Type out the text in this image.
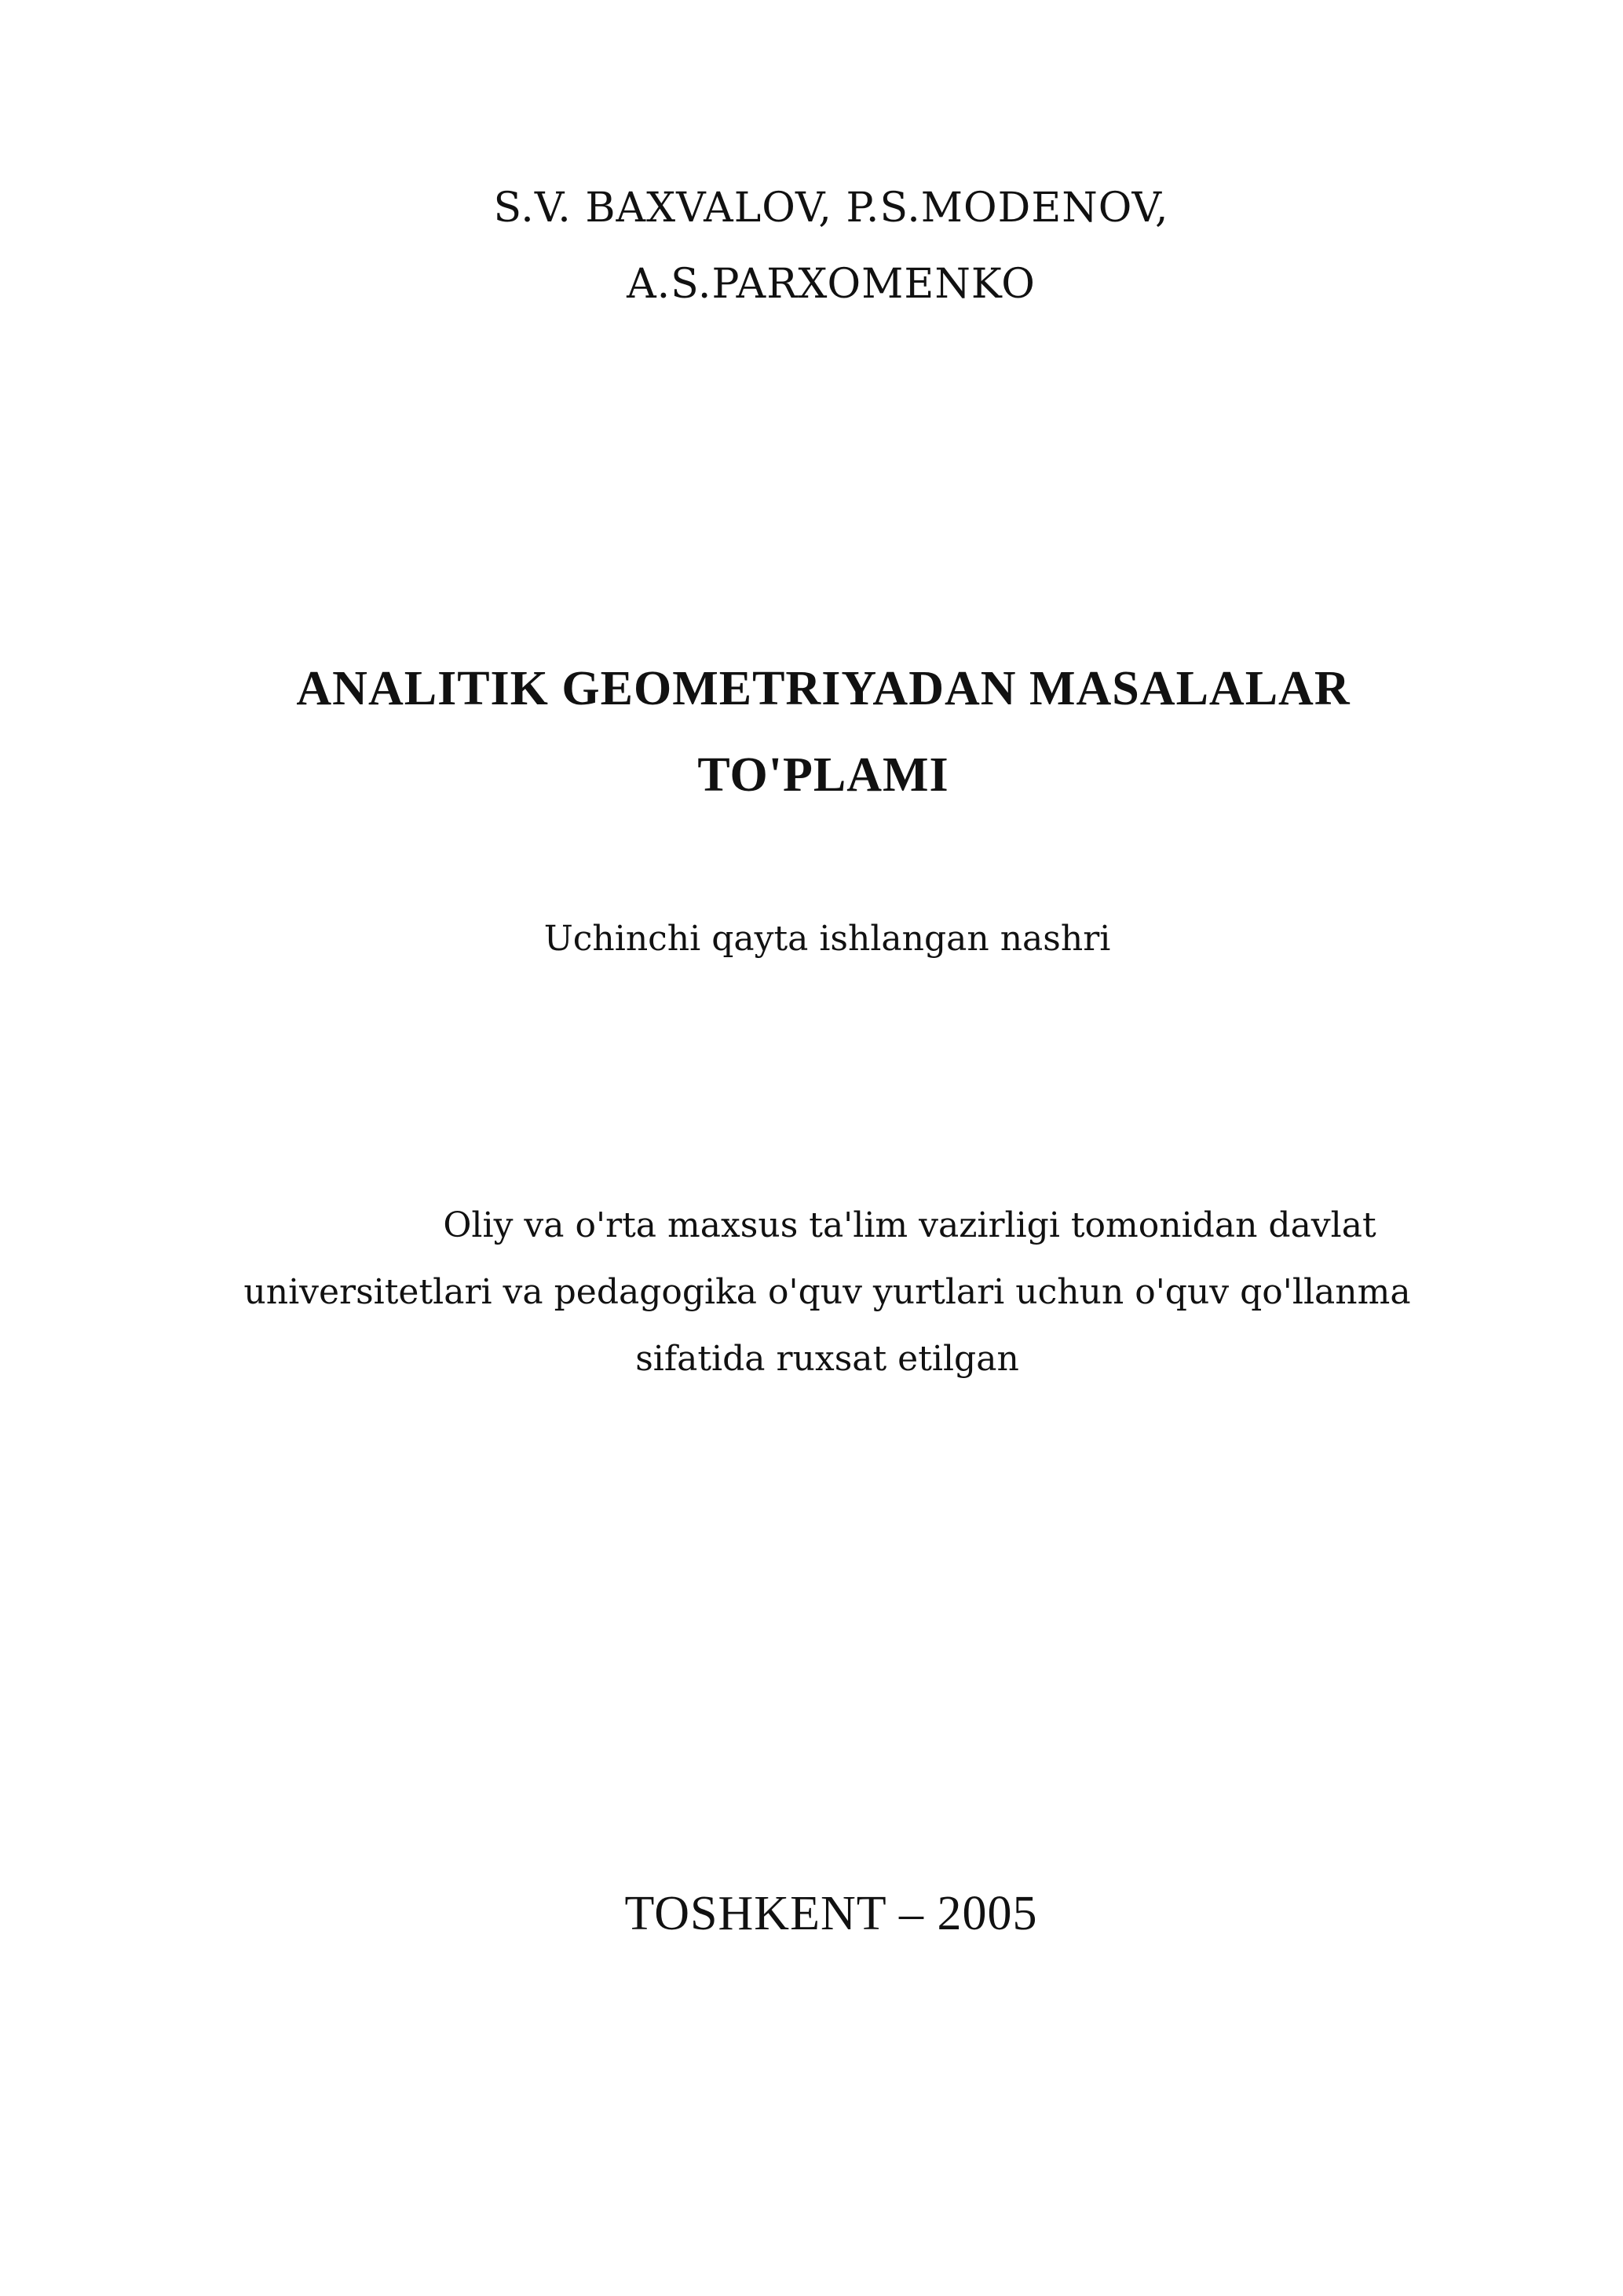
S.V. BAXVALOV, P.S.MODENOV,
A.S.PARXOMENKO
ANALITIK GEOMETRIYADAN MASALALAR
TO'PLAMI
Uchinchi qayta ishlangan nashri
Oliy va o'rta maxsus ta'lim vazirligi tomonidan davlat
universitetlari va pedagogika o'quv yurtlari uchun o'quv qo'llanma
sifatida ruxsat etilgan
TOSHKENT – 2005
